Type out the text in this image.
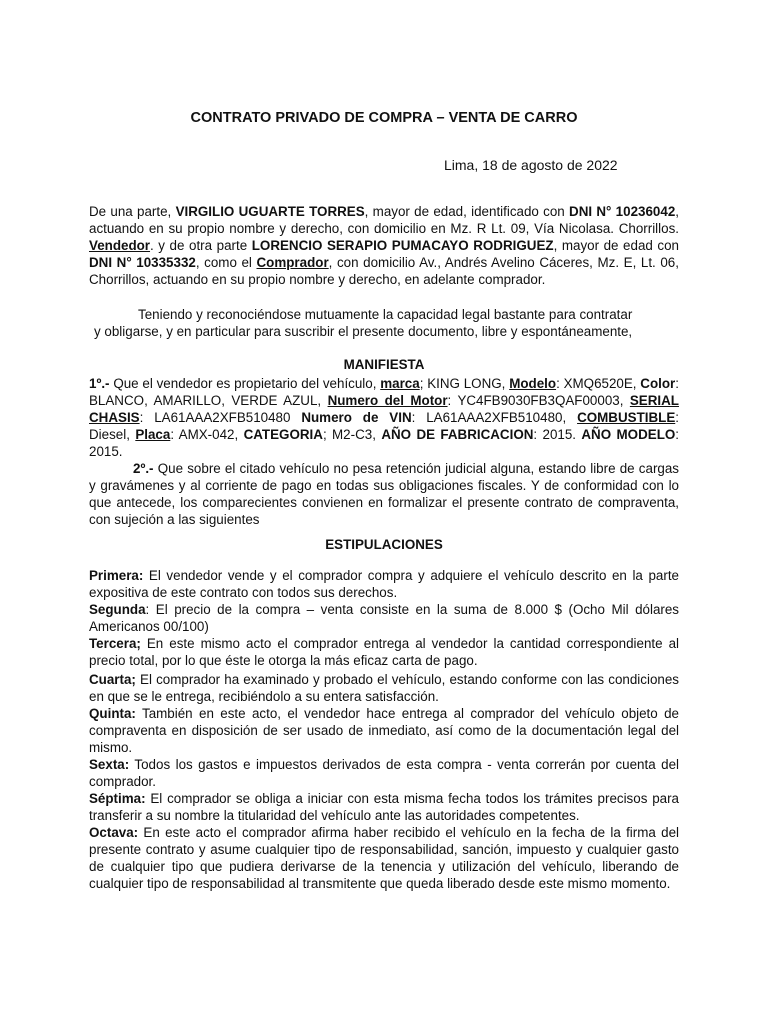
CONTRATO PRIVADO DE COMPRA – VENTA DE CARRO
Lima, 18 de agosto de 2022

De una parte, VIRGILIO UGUARTE TORRES, mayor de edad, identificado con DNI N° 10236042, actuando en su propio nombre y derecho, con domicilio en Mz. R Lt. 09, Vía Nicolasa. Chorrillos. Vendedor. y de otra parte LORENCIO SERAPIO PUMACAYO RODRIGUEZ, mayor de edad con DNI N° 10335332, como el Comprador, con domicilio Av., Andrés Avelino Cáceres, Mz. E, Lt. 06, Chorrillos, actuando en su propio nombre y derecho, en adelante comprador.

Teniendo y reconociéndose mutuamente la capacidad legal bastante para contratar

y obligarse, y en particular para suscribir el presente documento, libre y espontáneamente,

MANIFIESTA

1º.- Que el vendedor es propietario del vehículo, marca; KING LONG, Modelo: XMQ6520E, Color: BLANCO, AMARILLO, VERDE AZUL, Numero del Motor: YC4FB9030FB3QAF00003, SERIAL CHASIS: LA61AAA2XFB510480 Numero de VIN: LA61AAA2XFB510480, COMBUSTIBLE: Diesel, Placa: AMX-042, CATEGORIA; M2-C3, AÑO DE FABRICACION: 2015. AÑO MODELO: 2015.

2º.- Que sobre el citado vehículo no pesa retención judicial alguna, estando libre de cargas y gravámenes y al corriente de pago en todas sus obligaciones fiscales. Y de conformidad con lo que antecede, los comparecientes convienen en formalizar el presente contrato de compraventa, con sujeción a las siguientes

ESTIPULACIONES

Primera: El vendedor vende y el comprador compra y adquiere el vehículo descrito en la parte expositiva de este contrato con todos sus derechos.

Segunda: El precio de la compra – venta consiste en la suma de 8.000 $ (Ocho Mil dólares Americanos 00/100)

Tercera; En este mismo acto el comprador entrega al vendedor la cantidad correspondiente al precio total, por lo que éste le otorga la más eficaz carta de pago.

Cuarta; El comprador ha examinado y probado el vehículo, estando conforme con las condiciones en que se le entrega, recibiéndolo a su entera satisfacción.

Quinta: También en este acto, el vendedor hace entrega al comprador del vehículo objeto de compraventa en disposición de ser usado de inmediato, así como de la documentación legal del mismo.

Sexta: Todos los gastos e impuestos derivados de esta compra - venta correrán por cuenta del comprador.

Séptima: El comprador se obliga a iniciar con esta misma fecha todos los trámites precisos para transferir a su nombre la titularidad del vehículo ante las autoridades competentes.

Octava: En este acto el comprador afirma haber recibido el vehículo en la fecha de la firma del presente contrato y asume cualquier tipo de responsabilidad, sanción, impuesto y cualquier gasto de cualquier tipo que pudiera derivarse de la tenencia y utilización del vehículo, liberando de cualquier tipo de responsabilidad al transmitente que queda liberado desde este mismo momento.
